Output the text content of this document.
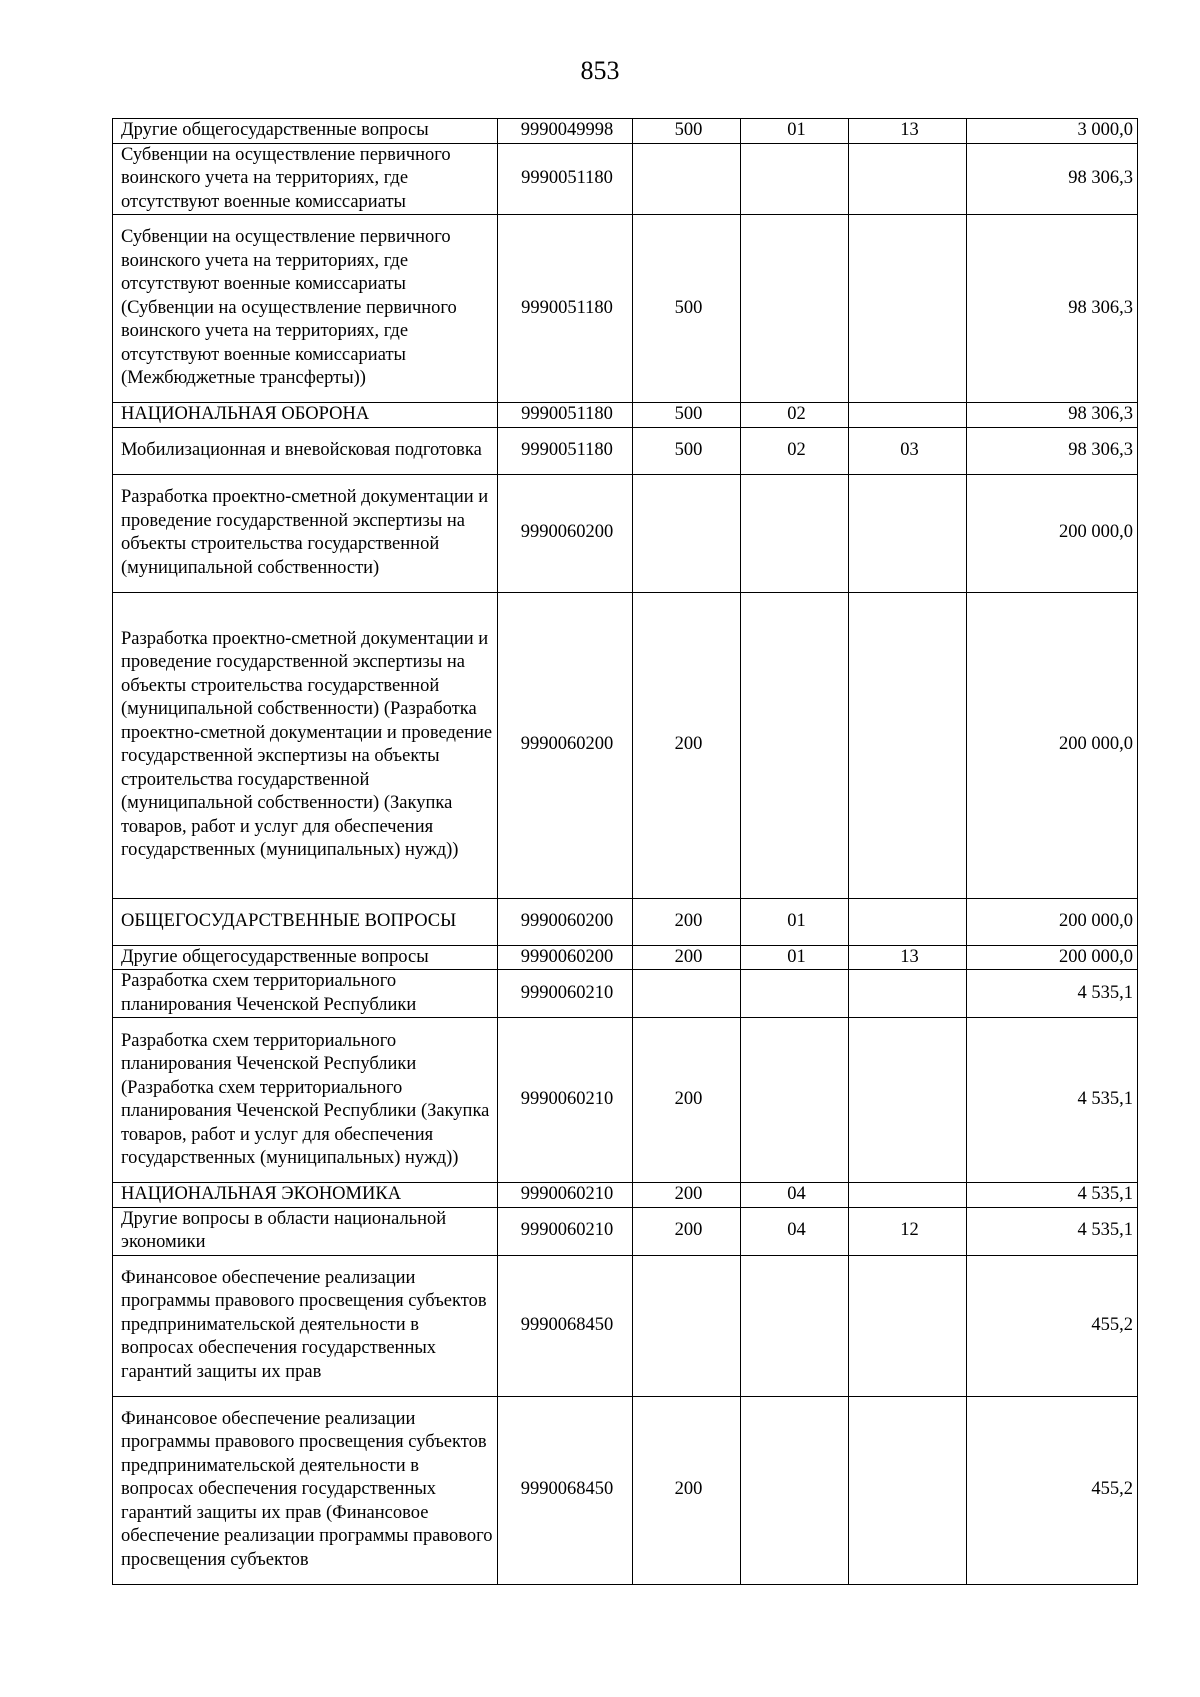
853
Другие общегосударственные вопросы	9990049998	500	01	13	3 000,0
Субвенции на осуществление первичного воинского учета на территориях, где отсутствуют военные комиссариаты	9990051180				98 306,3
Субвенции на осуществление первичного воинского учета на территориях, где отсутствуют военные комиссариаты (Субвенции на осуществление первичного воинского учета на территориях, где отсутствуют военные комиссариаты (Межбюджетные трансферты))	9990051180	500			98 306,3
НАЦИОНАЛЬНАЯ ОБОРОНА	9990051180	500	02		98 306,3
Мобилизационная и вневойсковая подготовка	9990051180	500	02	03	98 306,3
Разработка проектно-сметной документации и проведение государственной экспертизы на объекты строительства государственной (муниципальной собственности)	9990060200				200 000,0
Разработка проектно-сметной документации и проведение государственной экспертизы на объекты строительства государственной (муниципальной собственности) (Разработка проектно-сметной документации и проведение государственной экспертизы на объекты строительства государственной (муниципальной собственности) (Закупка товаров, работ и услуг для обеспечения государственных (муниципальных) нужд))	9990060200	200			200 000,0
ОБЩЕГОСУДАРСТВЕННЫЕ ВОПРОСЫ	9990060200	200	01		200 000,0
Другие общегосударственные вопросы	9990060200	200	01	13	200 000,0
Разработка схем территориального планирования Чеченской Республики	9990060210				4 535,1
Разработка схем территориального планирования Чеченской Республики (Разработка схем территориального планирования Чеченской Республики (Закупка товаров, работ и услуг для обеспечения государственных (муниципальных) нужд))	9990060210	200			4 535,1
НАЦИОНАЛЬНАЯ ЭКОНОМИКА	9990060210	200	04		4 535,1
Другие вопросы в области национальной экономики	9990060210	200	04	12	4 535,1
Финансовое обеспечение реализации программы правового просвещения субъектов предпринимательской деятельности в вопросах обеспечения государственных гарантий защиты их прав	9990068450				455,2
Финансовое обеспечение реализации программы правового просвещения субъектов предпринимательской деятельности в вопросах обеспечения государственных гарантий защиты их прав (Финансовое обеспечение реализации программы правового просвещения субъектов	9990068450	200			455,2
